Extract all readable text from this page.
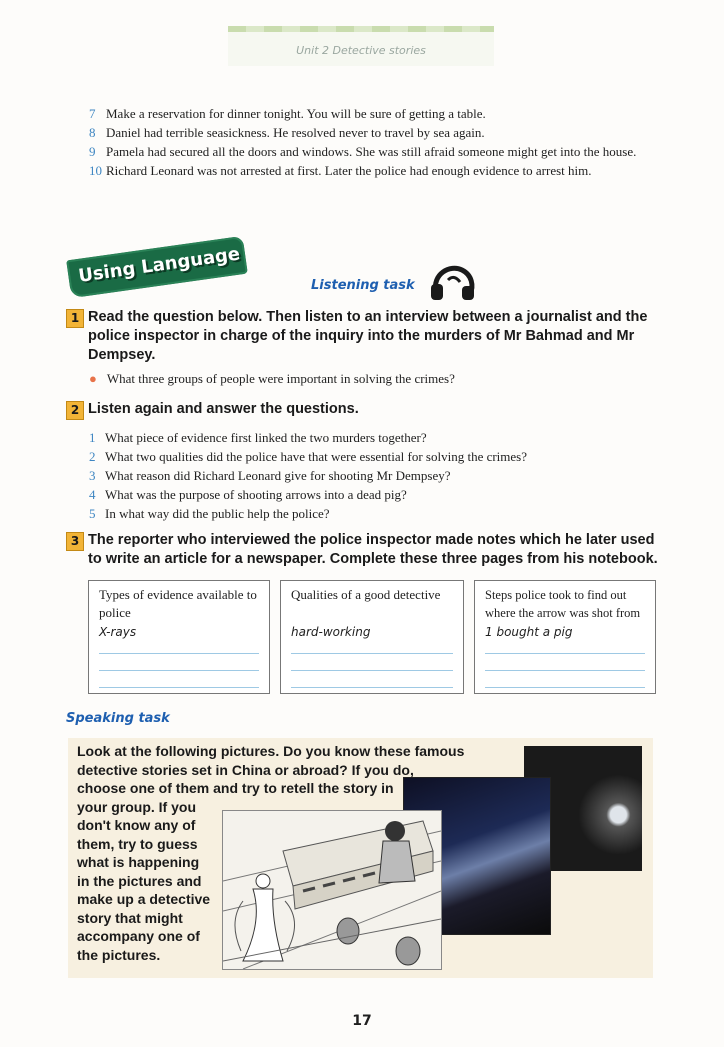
Unit 2 Detective stories
7 Make a reservation for dinner tonight. You will be sure of getting a table.
8 Daniel had terrible seasickness. He resolved never to travel by sea again.
9 Pamela had secured all the doors and windows. She was still afraid someone might get into the house.
10 Richard Leonard was not arrested at first. Later the police had enough evidence to arrest him.
Using Language	Listening task
1 Read the question below. Then listen to an interview between a journalist and the police inspector in charge of the inquiry into the murders of Mr Bahmad and Mr Dempsey.
● What three groups of people were important in solving the crimes?
2 Listen again and answer the questions.
1 What piece of evidence first linked the two murders together?
2 What two qualities did the police have that were essential for solving the crimes?
3 What reason did Richard Leonard give for shooting Mr Dempsey?
4 What was the purpose of shooting arrows into a dead pig?
5 In what way did the public help the police?
3 The reporter who interviewed the police inspector made notes which he later used to write an article for a newspaper. Complete these three pages from his notebook.
Types of evidence available to police
X-rays
Qualities of a good detective
hard-working
Steps police took to find out where the arrow was shot from
1 bought a pig
Speaking task
Look at the following pictures. Do you know these famous
detective stories set in China or abroad? If you do,
choose one of them and try to retell the story in
your group. If you
don't know any of
them, try to guess
what is happening
in the pictures and
make up a detective
story that might
accompany one of
the pictures.
17
